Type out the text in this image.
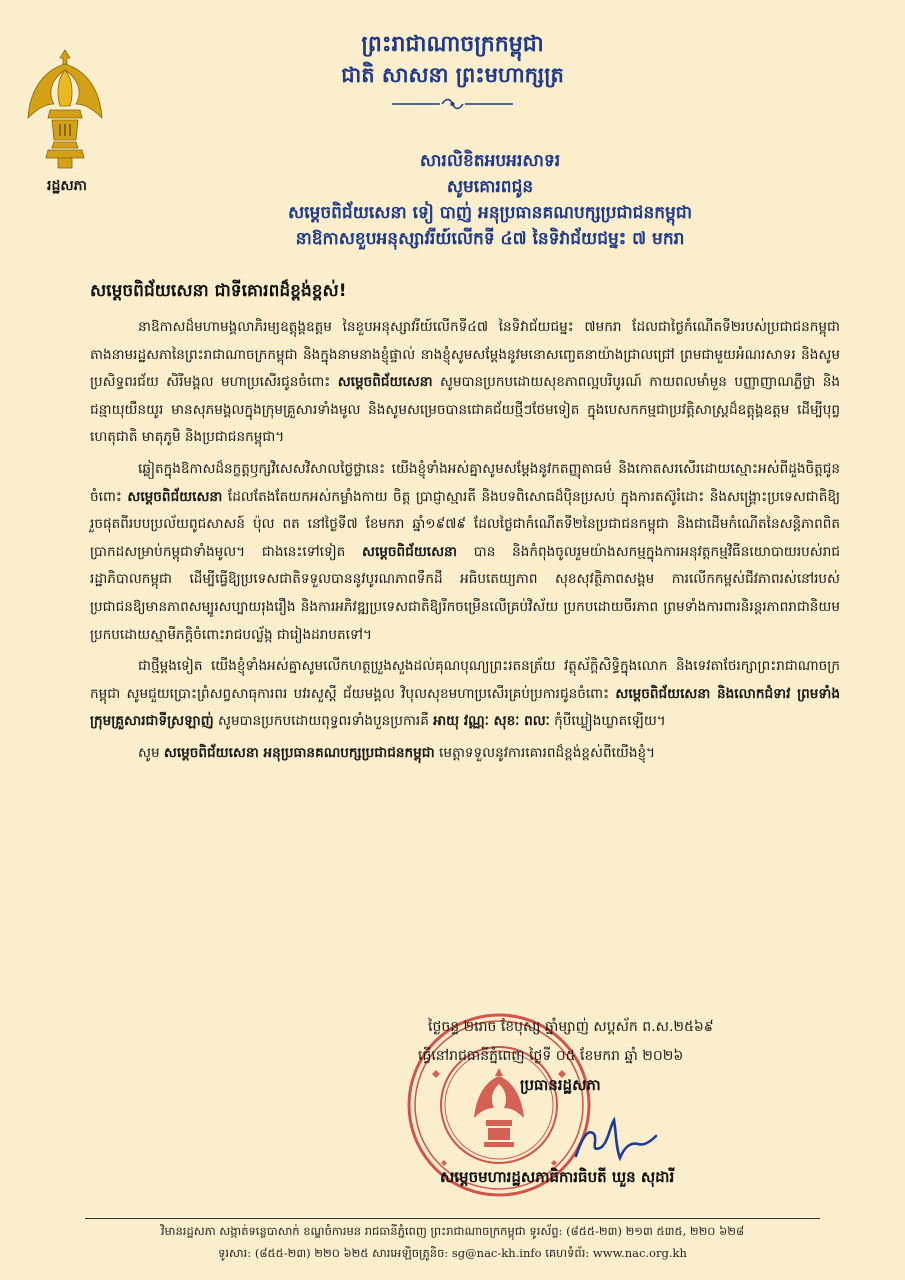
រដ្ឋសភា
ព្រះរាជាណាចក្រកម្ពុជា
ជាតិ សាសនា ព្រះមហាក្សត្រ
សារលិខិតអបអរសាទរ
សូមគោរពជូន
សម្តេចពិជ័យសេនា ទៀ បាញ់ អនុប្រធានគណបក្សប្រជាជនកម្ពុជា
នាឱកាសខួបអនុស្សាវរីយ៍លើកទី ៤៧ នៃទិវាជ័យជម្នះ ៧ មករា
សម្តេចពិជ័យសេនា ជាទីគោរពដ៏ខ្ពង់ខ្ពស់!

នាឱកាសដ៏មហាមង្គលាភិរម្យឧត្តុង្គឧត្តម នៃខួបអនុស្សាវរីយ៍លើកទី៤៧ នៃទិវាជ័យជម្នះ ៧មករា ដែលជាថ្ងៃកំណើតទី២របស់ប្រជាជនកម្ពុជា តាងនាមរដ្ឋសភានៃព្រះរាជាណាចក្រកម្ពុជា និងក្នុងនាមនាងខ្ញុំផ្ទាល់ នាងខ្ញុំសូមសម្តែងនូវមនោសញ្ចេតនាយ៉ាងជ្រាលជ្រៅ ព្រមជាមួយអំណរសាទរ និងសូមប្រសិទ្ធពរជ័យ សិរីមង្គល មហាប្រសើរជូនចំពោះ សម្តេចពិជ័យសេនា សូមបានប្រកបដោយសុខភាពល្អបរិបូរណ៍ កាយពលមាំមួន បញ្ញាញាណភ្លឺថ្លា និងជន្មាយុយឺនយូរ មានសុភមង្គលក្នុងក្រុមគ្រួសារទាំងមូល និងសូមសម្រេចបានជោគជ័យថ្មីៗថែមទៀត ក្នុងបេសកកម្មជាប្រវត្តិសាស្ត្រដ៏ឧត្តុង្គឧត្តម ដើម្បីបុព្វហេតុជាតិ មាតុភូមិ និងប្រជាជនកម្ពុជា។

ឆ្លៀតក្នុងឱកាសដ៏នក្ខត្តឫក្សវិសេសវិសាលថ្លៃថ្លានេះ យើងខ្ញុំទាំងអស់គ្នាសូមសម្តែងនូវកតញ្ញុតាធម៌ និងកោតសរសើរដោយស្មោះអស់ពីដួងចិត្តជូនចំពោះ សម្តេចពិជ័យសេនា ដែលតែងតែយកអស់កម្លាំងកាយ ចិត្ត ប្រាជ្ញាស្មារតី និងបទពិសោធដ៏ប៉ិនប្រសប់ ក្នុងការតស៊ូរំដោះ និងសង្គ្រោះប្រទេសជាតិឱ្យរួចផុតពីរបបប្រល័យពូជសាសន៍ ប៉ុល ពត នៅថ្ងៃទី៧ ខែមករា ឆ្នាំ១៩៧៩ ដែលថ្ងៃជាកំណើតទី២នៃប្រជាជនកម្ពុជា និងជាដើមកំណើតនៃសន្តិភាពពិតប្រាកដសម្រាប់កម្ពុជាទាំងមូល។ ជាងនេះទៅទៀត សម្តេចពិជ័យសេនា បាន និងកំពុងចូលរួមយ៉ាងសកម្មក្នុងការអនុវត្តកម្មវិធីនយោបាយរបស់រាជរដ្ឋាភិបាលកម្ពុជា ដើម្បីធ្វើឱ្យប្រទេសជាតិទទួលបាននូវបូរណភាពទឹកដី អធិបតេយ្យភាព សុខសុវត្ថិភាពសង្គម ការលើកកម្ពស់ជីវភាពរស់នៅរបស់ប្រជាជនឱ្យមានភាពសម្បូរសប្បាយរុងរឿង និងការអភិវឌ្ឍប្រទេសជាតិឱ្យរីកចម្រើនលើគ្រប់វិស័យ ប្រកបដោយចីរភាព ព្រមទាំងការពារនិរន្តរភាពរាជានិយមប្រកបដោយស្មាមីភក្តិចំពោះរាជបល្ល័ង្ក ជារៀងដរាបតទៅ។

ជាថ្មីម្តងទៀត យើងខ្ញុំទាំងអស់គ្នាសូមលើកហត្ថប្រួងសួងដល់គុណបុណ្យព្រះរតនត្រ័យ វត្ថុស័ក្តិសិទ្ធិក្នុងលោក និងទេវតាថែរក្សាព្រះរាជាណាចក្រកម្ពុជា សូមជួយប្រោះព្រំសព្វសាធុការពរ បវរសួស្តី ជ័យមង្គល វិបុលសុខមហាប្រសើរគ្រប់ប្រការជូនចំពោះ សម្តេចពិជ័យសេនា និងលោកជំទាវ ព្រមទាំងក្រុមគ្រួសារជាទីស្រឡាញ់ សូមបានប្រកបដោយពុទ្ធពរទាំងបួនប្រការគឺ អាយុ វណ្ណៈ សុខៈ ពលៈ កុំបីឃ្លៀងឃ្លាតឡើយ។

សូម សម្តេចពិជ័យសេនា អនុប្រធានគណបក្សប្រជាជនកម្ពុជា មេត្តាទទួលនូវការគោរពដ៏ខ្ពង់ខ្ពស់ពីយើងខ្ញុំ។

ថ្ងៃចន្ទ ២រោច ខែបុស្ស ឆ្នាំម្សាញ់ សប្តស័ក ព.ស.២៥៦៩
ធ្វើនៅរាជធានីភ្នំពេញ ថ្ងៃទី ០៥ ខែមករា ឆ្នាំ ២០២៦
ប្រធានរដ្ឋសភា
សម្តេចមហារដ្ឋសភាធិការធិបតី ឃួន សុដារី
វិមានរដ្ឋសភា សង្កាត់ទន្លេបាសាក់ ខណ្ឌចំការមន រាជធានីភ្នំពេញ ព្រះរាជាណាចក្រកម្ពុជា ទូរស័ព្ទ: (៨៥៥-២៣) ២១៣ ៥៣៥, ២២០ ៦២៨
ទូរសារ: (៨៥៥-២៣) ២២០ ៦២៥ សារអេឡិចត្រូនិច: sg@nac-kh.info គេហទំព័រ: www.nac.org.kh
